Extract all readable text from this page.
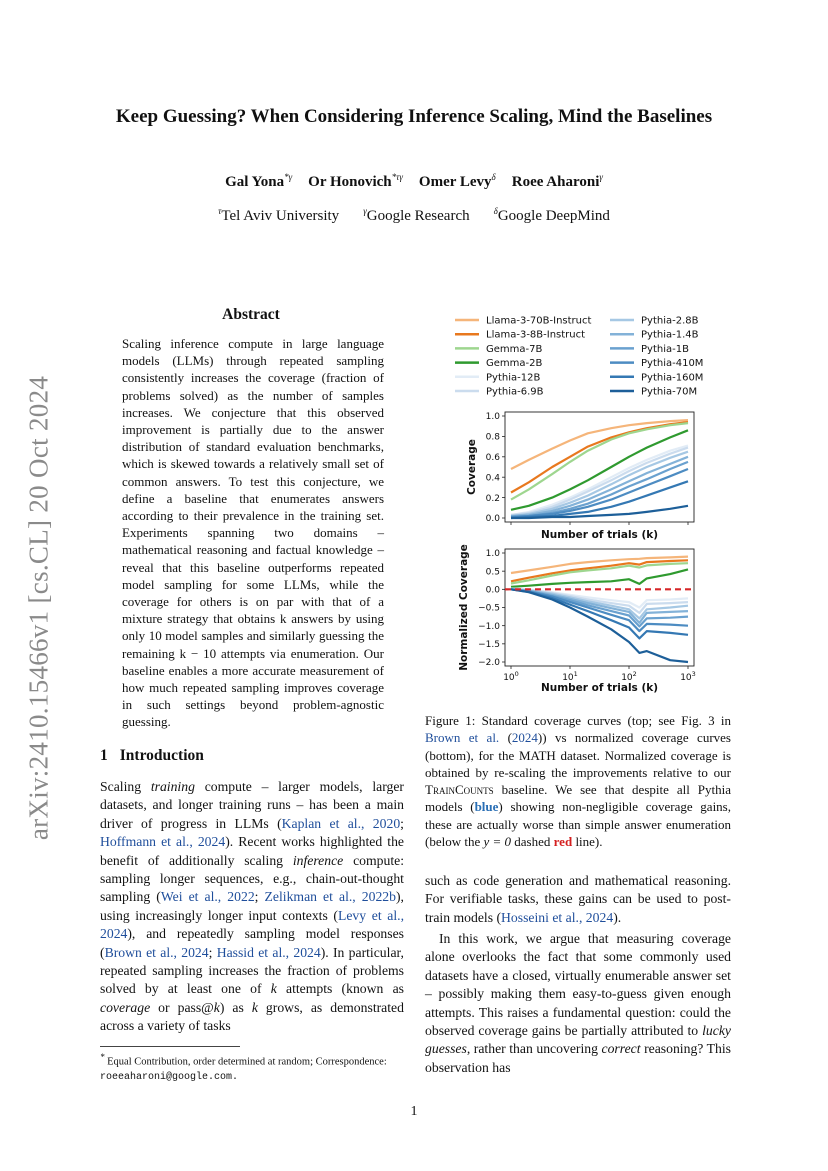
arXiv:2410.15466v1 [cs.CL] 20 Oct 2024
Keep Guessing? When Considering Inference Scaling, Mind the Baselines
Gal Yona$^{*\gamma}$ Or Honovich$^{*\tau\gamma}$ Omer Levy$^\delta$ Roee Aharoni$^\gamma$
$^\tau$Tel Aviv University	$^\gamma$Google Research	$^\delta$Google DeepMind
Abstract
Scaling inference compute in large language models (LLMs) through repeated sampling consistently increases the coverage (fraction of problems solved) as the number of samples increases. We conjecture that this observed improvement is partially due to the answer distribution of standard evaluation benchmarks, which is skewed towards a relatively small set of common answers. To test this conjecture, we define a baseline that enumerates answers according to their prevalence in the training set. Experiments spanning two domains – mathematical reasoning and factual knowledge – reveal that this baseline outperforms repeated model sampling for some LLMs, while the coverage for others is on par with that of a mixture strategy that obtains k answers by using only 10 model samples and similarly guessing the remaining k − 10 attempts via enumeration. Our baseline enables a more accurate measurement of how much repeated sampling improves coverage in such settings beyond problem-agnostic guessing.
1 Introduction
Scaling training compute – larger models, larger datasets, and longer training runs – has been a main driver of progress in LLMs (Kaplan et al., 2020; Hoffmann et al., 2024). Recent works highlighted the benefit of additionally scaling inference compute: sampling longer sequences, e.g., chain-out-thought sampling (Wei et al., 2022; Zelikman et al., 2022b), using increasingly longer input contexts (Levy et al., 2024), and repeatedly sampling model responses (Brown et al., 2024; Hassid et al., 2024). In particular, repeated sampling increases the fraction of problems solved by at least one of k attempts (known as coverage or pass@k) as k grows, as demonstrated across a variety of tasks
* Equal Contribution, order determined at random; Correspondence: roeeaharoni@google.com.
Llama-3-70B-Instruct
Llama-3-8B-Instruct
Gemma-7B
Gemma-2B
Pythia-12B
Pythia-6.9B
Pythia-2.8B
Pythia-1.4B
Pythia-1B
Pythia-410M
Pythia-160M
Pythia-70M
0.0
0.2
0.4
0.6
0.8
1.0
Number of trials (k)
Coverage
−2.0
−1.5
−1.0
−0.5
0.0
0.5
1.0
$10^0$	$10^1$	$10^2$	$10^3$
Number of trials (k)
Normalized Coverage
Figure 1: Standard coverage curves (top; see Fig. 3 in Brown et al. (2024)) vs normalized coverage curves (bottom), for the MATH dataset. Normalized coverage is obtained by re-scaling the improvements relative to our TrainCounts baseline. We see that despite all Pythia models (blue) showing non-negligible coverage gains, these are actually worse than simple answer enumeration (below the y = 0 dashed red line).
such as code generation and mathematical reasoning. For verifiable tasks, these gains can be used to post-train models (Hosseini et al., 2024).
In this work, we argue that measuring coverage alone overlooks the fact that some commonly used datasets have a closed, virtually enumerable answer set – possibly making them easy-to-guess given enough attempts. This raises a fundamental question: could the observed coverage gains be partially attributed to lucky guesses, rather than uncovering correct reasoning? This observation has
1
